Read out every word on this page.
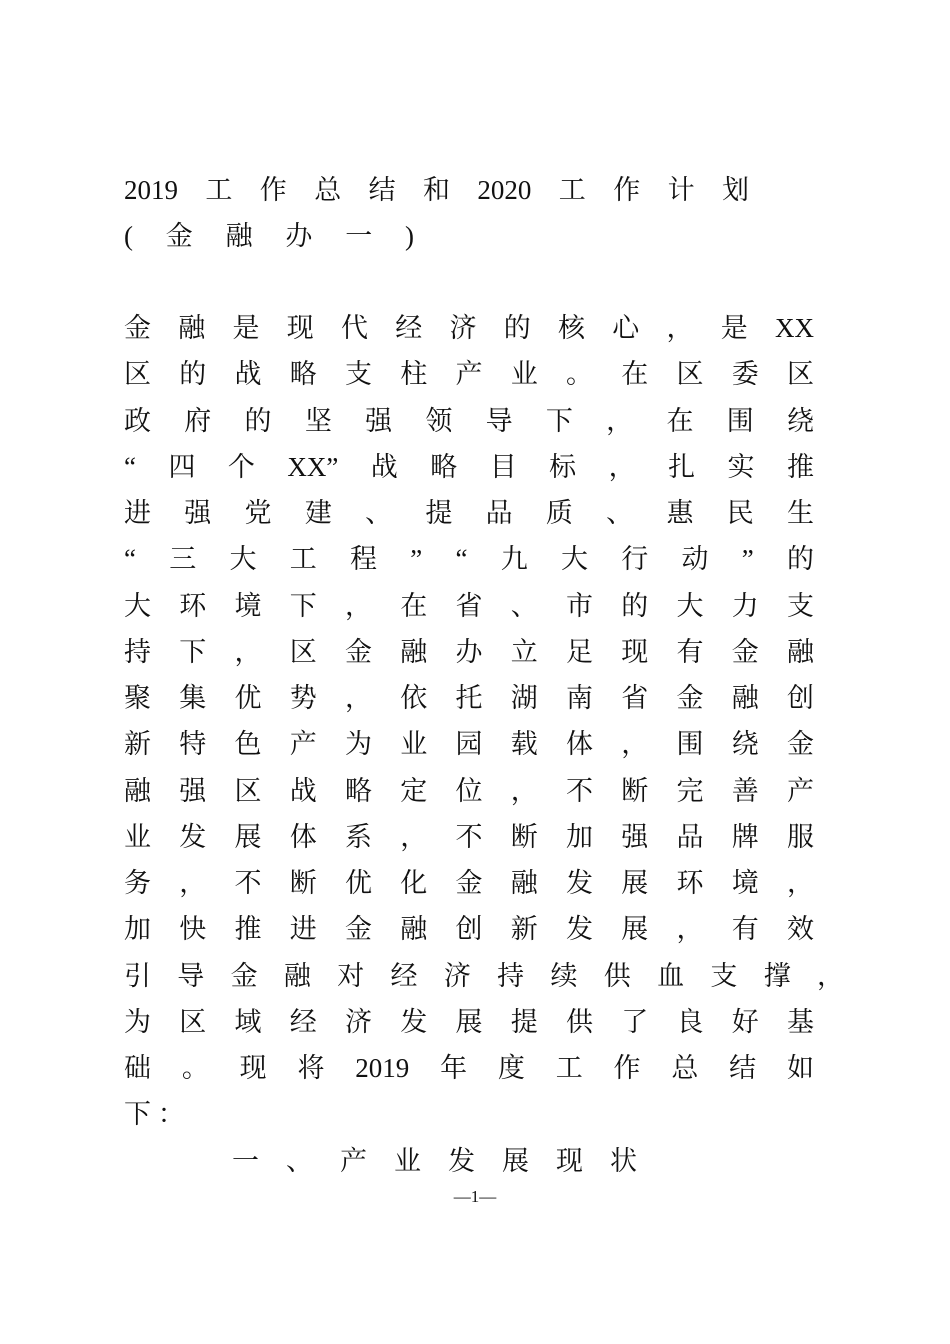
2019 工 作 总 结 和 2020 工 作 计 划
( 金 融 办 一 )
金 融 是 现 代 经 济 的 核 心 ， 是 XX
区 的 战 略 支 柱 产 业 。 在 区 委 区
政 府 的 坚 强 领 导 下 ， 在 围 绕
“ 四 个 XX” 战 略 目 标 ， 扎 实 推
进 强 党 建 、 提 品 质 、 惠 民 生
“ 三 大 工 程 ” “ 九 大 行 动 ” 的
大 环 境 下 ， 在 省 、 市 的 大 力 支
持 下 ， 区 金 融 办 立 足 现 有 金 融
聚 集 优 势 ， 依 托 湖 南 省 金 融 创
新 特 色 产 为 业 园 载 体 ， 围 绕 金
融 强 区 战 略 定 位 ， 不 断 完 善 产
业 发 展 体 系 ， 不 断 加 强 品 牌 服
务 ， 不 断 优 化 金 融 发 展 环 境 ，
加 快 推 进 金 融 创 新 发 展 ， 有 效
引 导 金 融 对 经 济 持 续 供 血 支 撑 ，
为 区 域 经 济 发 展 提 供 了 良 好 基
础 。 现 将 2019 年 度 工 作 总 结 如
下 ：
一 、 产 业 发 展 现 状
—1—
